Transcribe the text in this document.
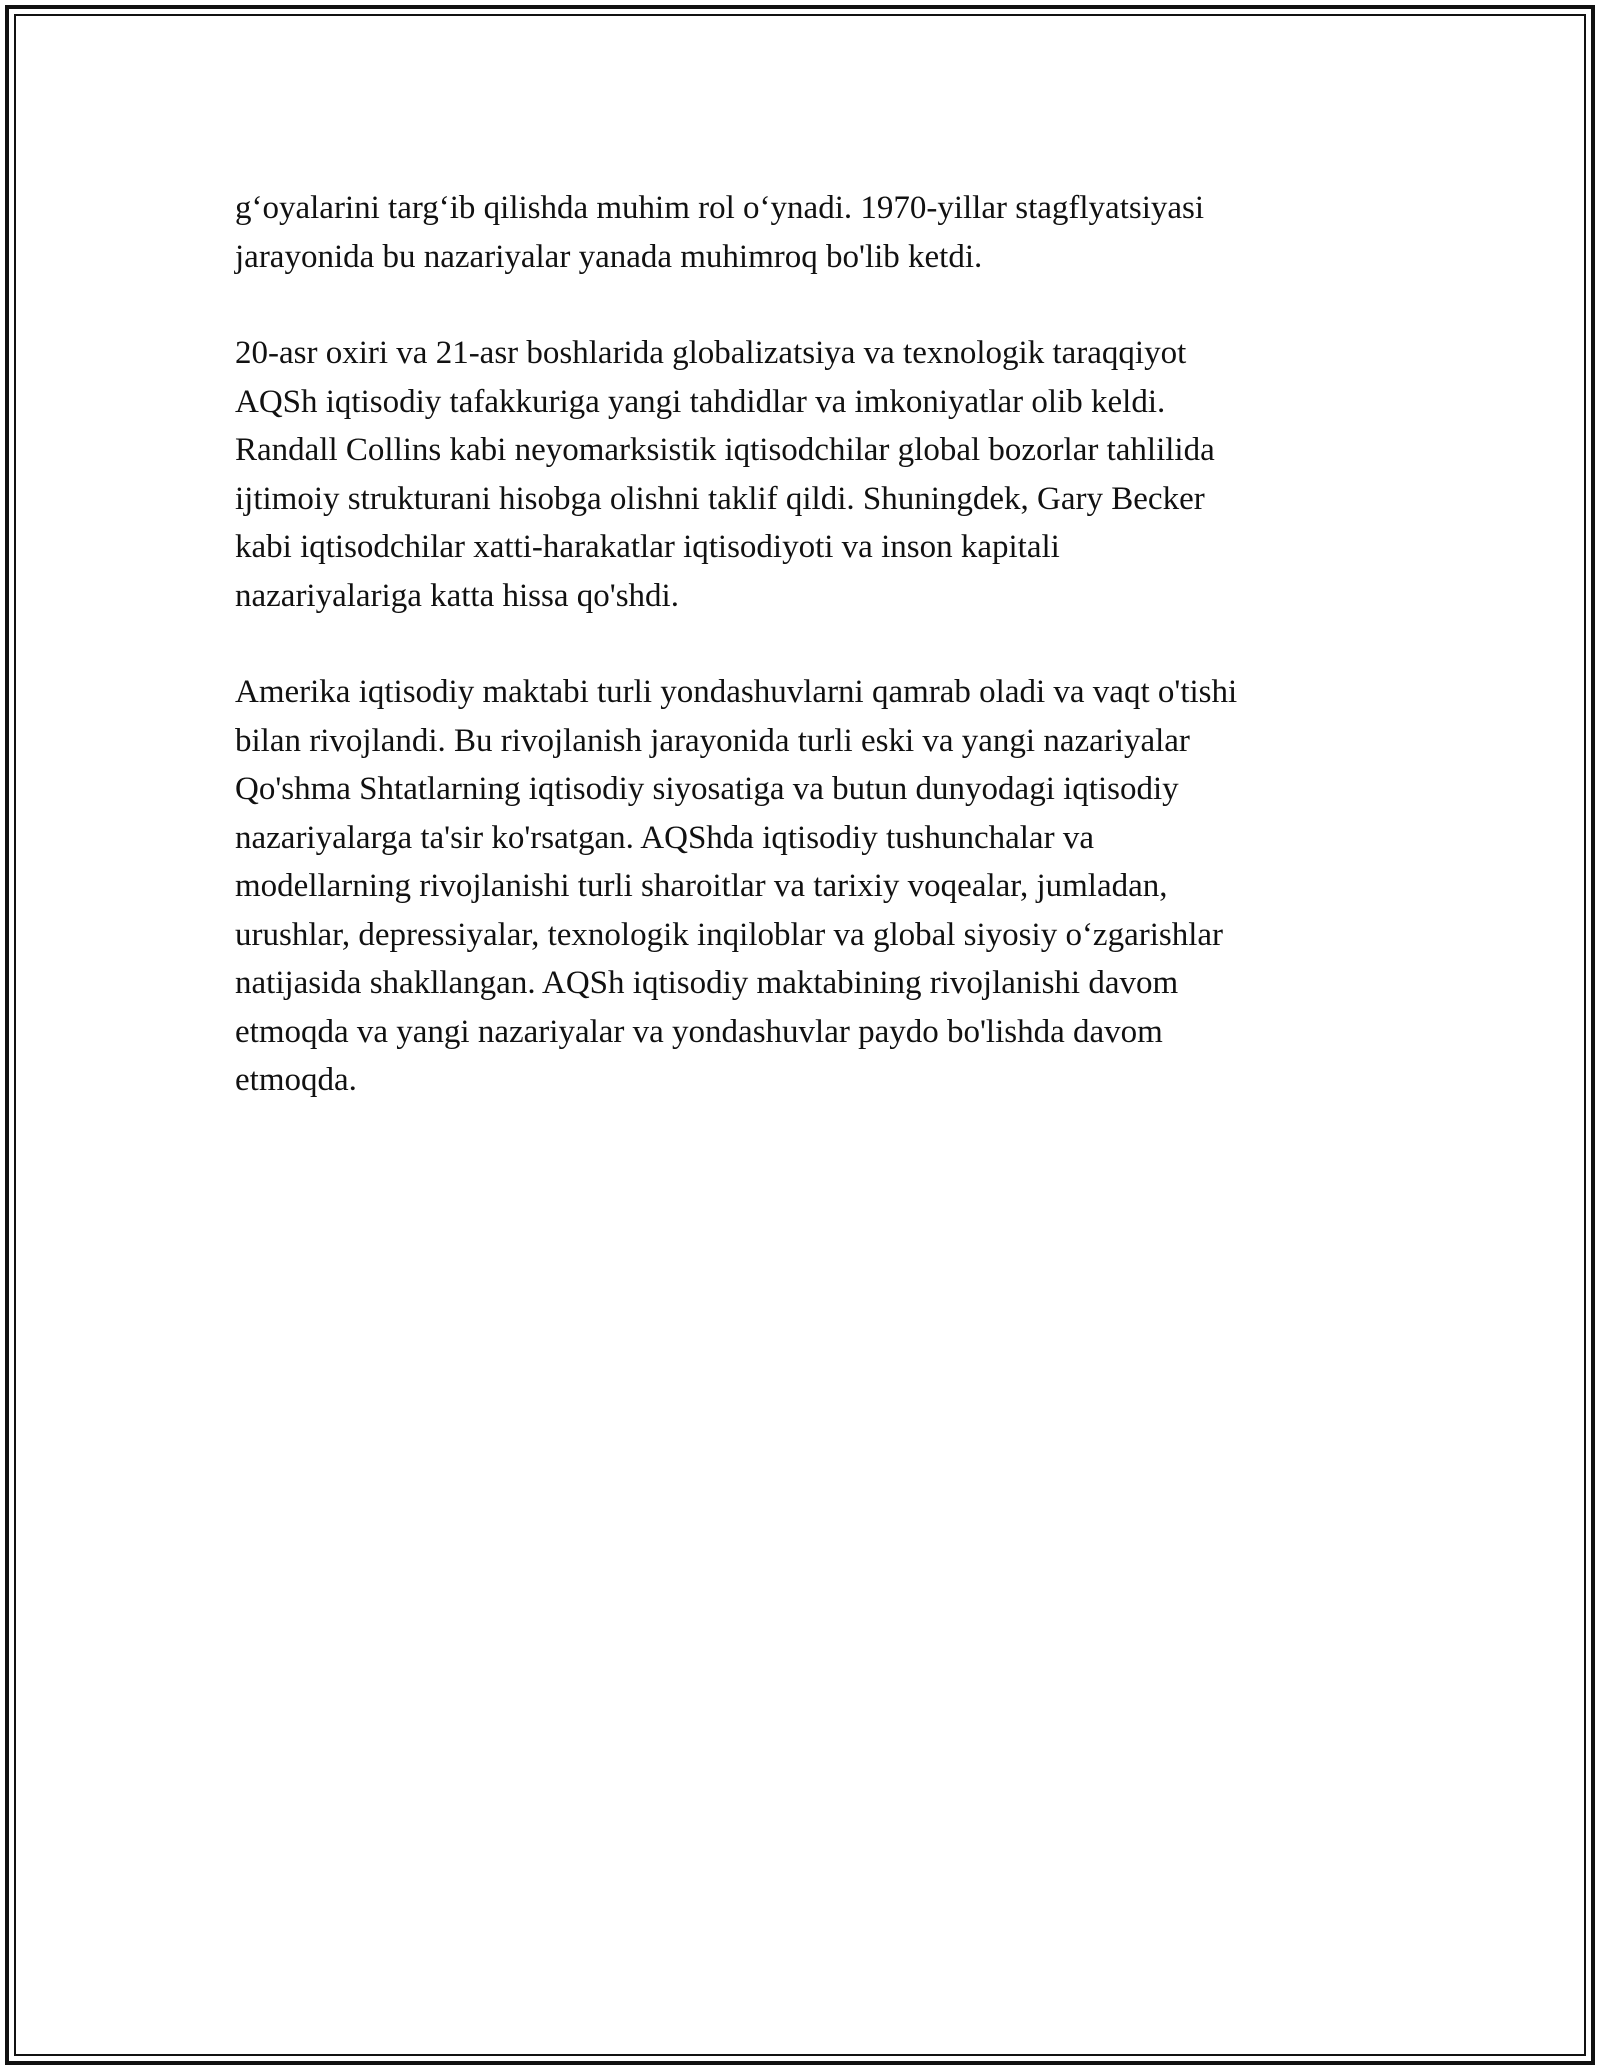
g‘oyalarini targ‘ib qilishda muhim rol o‘ynadi. 1970-yillar stagflyatsiyasi
jarayonida bu nazariyalar yanada muhimroq bo'lib ketdi.

20-asr oxiri va 21-asr boshlarida globalizatsiya va texnologik taraqqiyot
AQSh iqtisodiy tafakkuriga yangi tahdidlar va imkoniyatlar olib keldi.
Randall Collins kabi neyomarksistik iqtisodchilar global bozorlar tahlilida
ijtimoiy strukturani hisobga olishni taklif qildi. Shuningdek, Gary Becker
kabi iqtisodchilar xatti-harakatlar iqtisodiyoti va inson kapitali
nazariyalariga katta hissa qo'shdi.

Amerika iqtisodiy maktabi turli yondashuvlarni qamrab oladi va vaqt o'tishi
bilan rivojlandi. Bu rivojlanish jarayonida turli eski va yangi nazariyalar
Qo'shma Shtatlarning iqtisodiy siyosatiga va butun dunyodagi iqtisodiy
nazariyalarga ta'sir ko'rsatgan. AQShda iqtisodiy tushunchalar va
modellarning rivojlanishi turli sharoitlar va tarixiy voqealar, jumladan,
urushlar, depressiyalar, texnologik inqiloblar va global siyosiy o‘zgarishlar
natijasida shakllangan. AQSh iqtisodiy maktabining rivojlanishi davom
etmoqda va yangi nazariyalar va yondashuvlar paydo bo'lishda davom
etmoqda.
